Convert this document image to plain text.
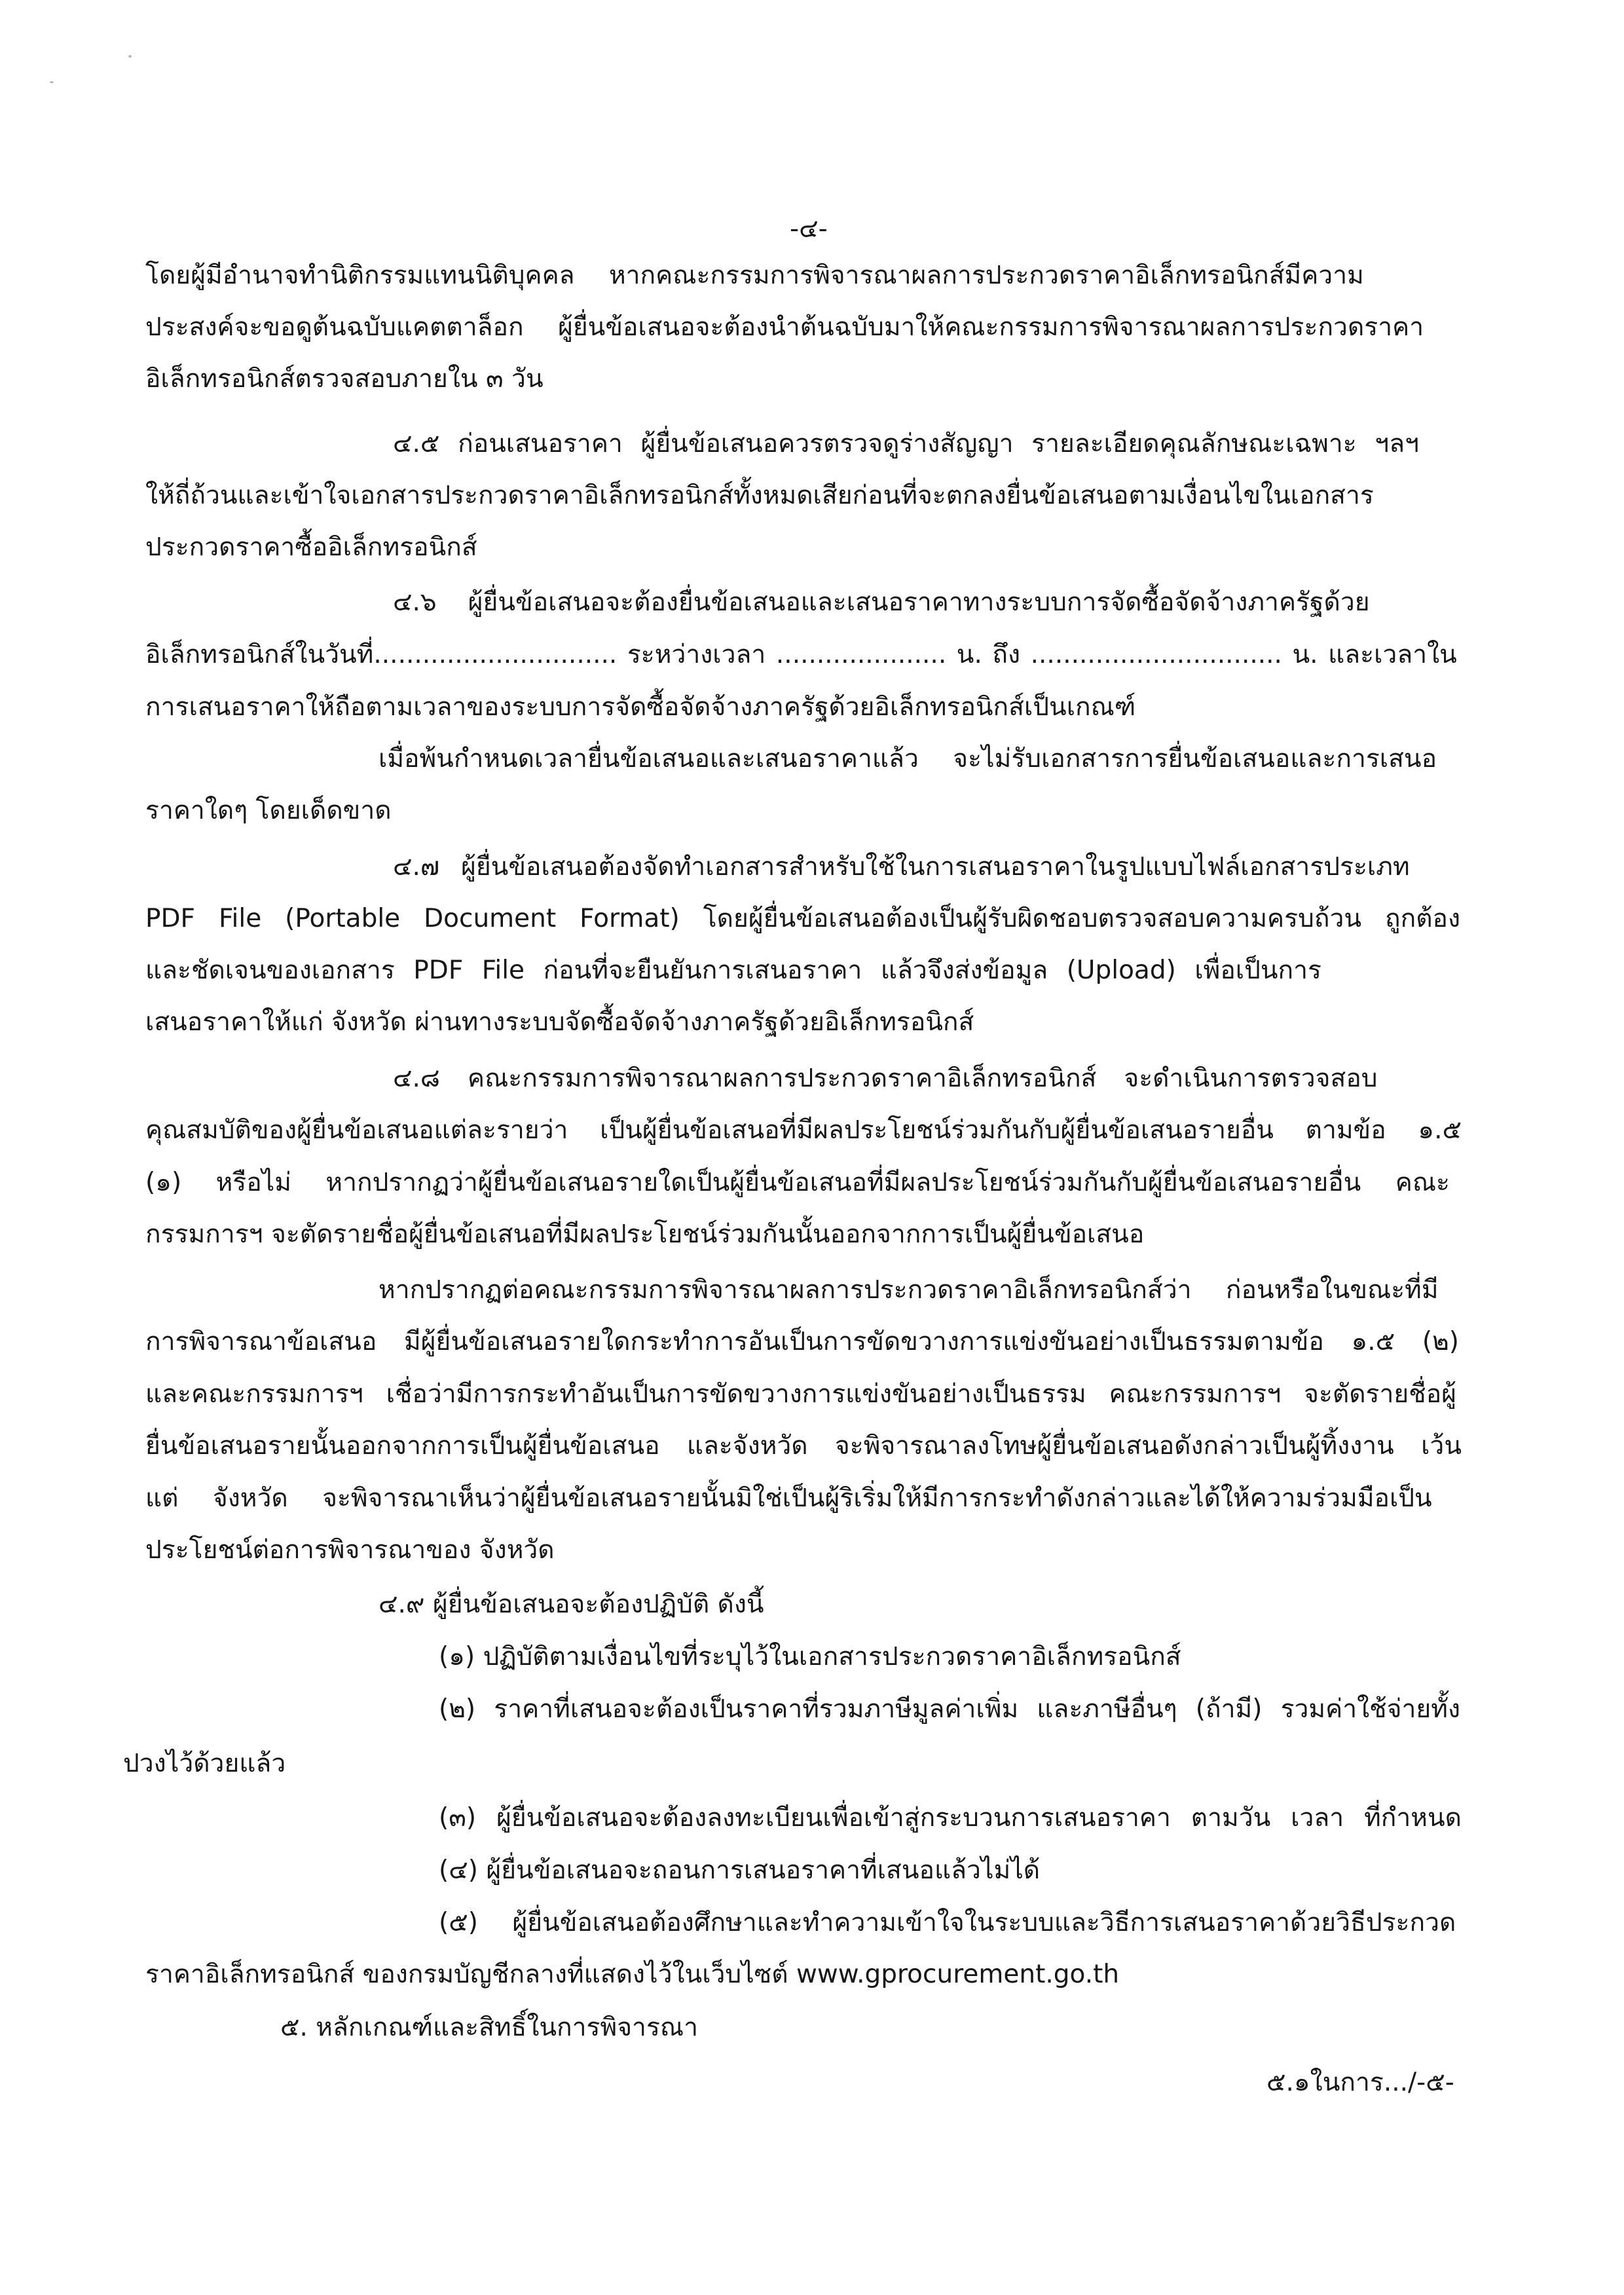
-๔-
โดยผู้มีอำนาจทำนิติกรรมแทนนิติบุคคล หากคณะกรรมการพิจารณาผลการประกวดราคาอิเล็กทรอนิกส์มีความ
ประสงค์จะขอดูต้นฉบับแคตตาล็อก ผู้ยื่นข้อเสนอจะต้องนำต้นฉบับมาให้คณะกรรมการพิจารณาผลการประกวดราคา
อิเล็กทรอนิกส์ตรวจสอบภายใน ๓ วัน
๔.๕ ก่อนเสนอราคา ผู้ยื่นข้อเสนอควรตรวจดูร่างสัญญา รายละเอียดคุณลักษณะเฉพาะ ฯลฯ
ให้ถี่ถ้วนและเข้าใจเอกสารประกวดราคาอิเล็กทรอนิกส์ทั้งหมดเสียก่อนที่จะตกลงยื่นข้อเสนอตามเงื่อนไขในเอกสาร
ประกวดราคาซื้ออิเล็กทรอนิกส์
๔.๖ ผู้ยื่นข้อเสนอจะต้องยื่นข้อเสนอและเสนอราคาทางระบบการจัดซื้อจัดจ้างภาครัฐด้วย
อิเล็กทรอนิกส์ในวันที่.............................. ระหว่างเวลา ..................... น. ถึง ............................... น. และเวลาใน
การเสนอราคาให้ถือตามเวลาของระบบการจัดซื้อจัดจ้างภาครัฐด้วยอิเล็กทรอนิกส์เป็นเกณฑ์
เมื่อพ้นกำหนดเวลายื่นข้อเสนอและเสนอราคาแล้ว จะไม่รับเอกสารการยื่นข้อเสนอและการเสนอ
ราคาใดๆ โดยเด็ดขาด
๔.๗ ผู้ยื่นข้อเสนอต้องจัดทำเอกสารสำหรับใช้ในการเสนอราคาในรูปแบบไฟล์เอกสารประเภท
PDF File (Portable Document Format) โดยผู้ยื่นข้อเสนอต้องเป็นผู้รับผิดชอบตรวจสอบความครบถ้วน ถูกต้อง
และชัดเจนของเอกสาร PDF File ก่อนที่จะยืนยันการเสนอราคา แล้วจึงส่งข้อมูล (Upload) เพื่อเป็นการ
เสนอราคาให้แก่ จังหวัด ผ่านทางระบบจัดซื้อจัดจ้างภาครัฐด้วยอิเล็กทรอนิกส์
๔.๘ คณะกรรมการพิจารณาผลการประกวดราคาอิเล็กทรอนิกส์ จะดำเนินการตรวจสอบ
คุณสมบัติของผู้ยื่นข้อเสนอแต่ละรายว่า เป็นผู้ยื่นข้อเสนอที่มีผลประโยชน์ร่วมกันกับผู้ยื่นข้อเสนอรายอื่น ตามข้อ ๑.๕
(๑) หรือไม่ หากปรากฏว่าผู้ยื่นข้อเสนอรายใดเป็นผู้ยื่นข้อเสนอที่มีผลประโยชน์ร่วมกันกับผู้ยื่นข้อเสนอรายอื่น คณะ
กรรมการฯ จะตัดรายชื่อผู้ยื่นข้อเสนอที่มีผลประโยชน์ร่วมกันนั้นออกจากการเป็นผู้ยื่นข้อเสนอ
หากปรากฏต่อคณะกรรมการพิจารณาผลการประกวดราคาอิเล็กทรอนิกส์ว่า ก่อนหรือในขณะที่มี
การพิจารณาข้อเสนอ มีผู้ยื่นข้อเสนอรายใดกระทำการอันเป็นการขัดขวางการแข่งขันอย่างเป็นธรรมตามข้อ ๑.๕ (๒)
และคณะกรรมการฯ เชื่อว่ามีการกระทำอันเป็นการขัดขวางการแข่งขันอย่างเป็นธรรม คณะกรรมการฯ จะตัดรายชื่อผู้
ยื่นข้อเสนอรายนั้นออกจากการเป็นผู้ยื่นข้อเสนอ และจังหวัด จะพิจารณาลงโทษผู้ยื่นข้อเสนอดังกล่าวเป็นผู้ทิ้งงาน เว้น
แต่ จังหวัด จะพิจารณาเห็นว่าผู้ยื่นข้อเสนอรายนั้นมิใช่เป็นผู้ริเริ่มให้มีการกระทำดังกล่าวและได้ให้ความร่วมมือเป็น
ประโยชน์ต่อการพิจารณาของ จังหวัด
๔.๙ ผู้ยื่นข้อเสนอจะต้องปฏิบัติ ดังนี้
(๑) ปฏิบัติตามเงื่อนไขที่ระบุไว้ในเอกสารประกวดราคาอิเล็กทรอนิกส์
(๒) ราคาที่เสนอจะต้องเป็นราคาที่รวมภาษีมูลค่าเพิ่ม และภาษีอื่นๆ (ถ้ามี) รวมค่าใช้จ่ายทั้ง
ปวงไว้ด้วยแล้ว
(๓) ผู้ยื่นข้อเสนอจะต้องลงทะเบียนเพื่อเข้าสู่กระบวนการเสนอราคา ตามวัน เวลา ที่กำหนด
(๔) ผู้ยื่นข้อเสนอจะถอนการเสนอราคาที่เสนอแล้วไม่ได้
(๕) ผู้ยื่นข้อเสนอต้องศึกษาและทำความเข้าใจในระบบและวิธีการเสนอราคาด้วยวิธีประกวด
ราคาอิเล็กทรอนิกส์ ของกรมบัญชีกลางที่แสดงไว้ในเว็บไซต์ www.gprocurement.go.th
๕. หลักเกณฑ์และสิทธิ์ในการพิจารณา
๕.๑ในการ.../-๕-
